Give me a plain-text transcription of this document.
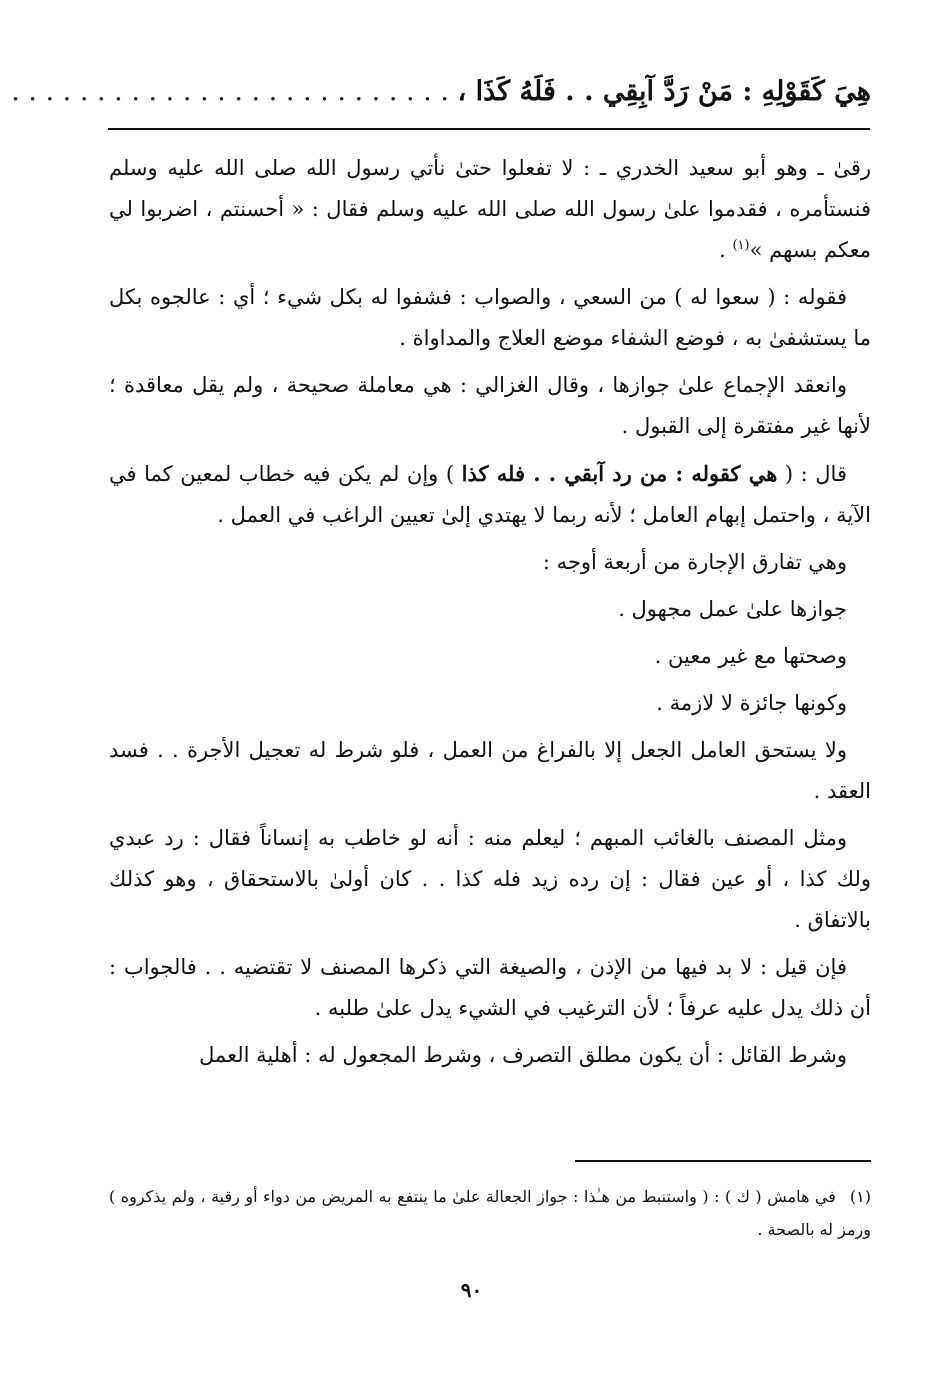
هِيَ كَقَوْلِهِ : مَنْ رَدَّ آبِقِي . . فَلَهُ كَذَا ، . . . . . . . . . . . . . . . . . . . . . . . . . .

رقىٰ ـ وهو أبو سعيد الخدري ـ : لا تفعلوا حتىٰ نأتي رسول الله صلى الله عليه وسلم فنستأمره ، فقدموا علىٰ رسول الله صلى الله عليه وسلم فقال : « أحسنتم ، اضربوا لي معكم بسهم »$^{(١)}$ .

فقوله : ( سعوا له ) من السعي ، والصواب : فشفوا له بكل شيء ؛ أي : عالجوه بكل ما يستشفىٰ به ، فوضع الشفاء موضع العلاج والمداواة .

وانعقد الإجماع علىٰ جوازها ، وقال الغزالي : هي معاملة صحيحة ، ولم يقل معاقدة ؛ لأنها غير مفتقرة إلى القبول .

قال : ( هي كقوله : من رد آبقي . . فله كذا ) وإن لم يكن فيه خطاب لمعين كما في الآية ، واحتمل إبهام العامل ؛ لأنه ربما لا يهتدي إلىٰ تعيين الراغب في العمل .

وهي تفارق الإجارة من أربعة أوجه :

جوازها علىٰ عمل مجهول .

وصحتها مع غير معين .

وكونها جائزة لا لازمة .

ولا يستحق العامل الجعل إلا بالفراغ من العمل ، فلو شرط له تعجيل الأجرة . . فسد العقد .

ومثل المصنف بالغائب المبهم ؛ ليعلم منه : أنه لو خاطب به إنساناً فقال : رد عبدي ولك كذا ، أو عين فقال : إن رده زيد فله كذا . . كان أولىٰ بالاستحقاق ، وهو كذلك بالاتفاق .

فإن قيل : لا بد فيها من الإذن ، والصيغة التي ذكرها المصنف لا تقتضيه . . فالجواب : أن ذلك يدل عليه عرفاً ؛ لأن الترغيب في الشيء يدل علىٰ طلبه .

وشرط القائل : أن يكون مطلق التصرف ، وشرط المجعول له : أهلية العمل

(١)في هامش ( ك ) : ( واستنبط من هـٰذا : جواز الجعالة علىٰ ما ينتفع به المريض من دواء أو رقية ، ولم يذكروه ) ورمز له بالصحة .
٩٠
